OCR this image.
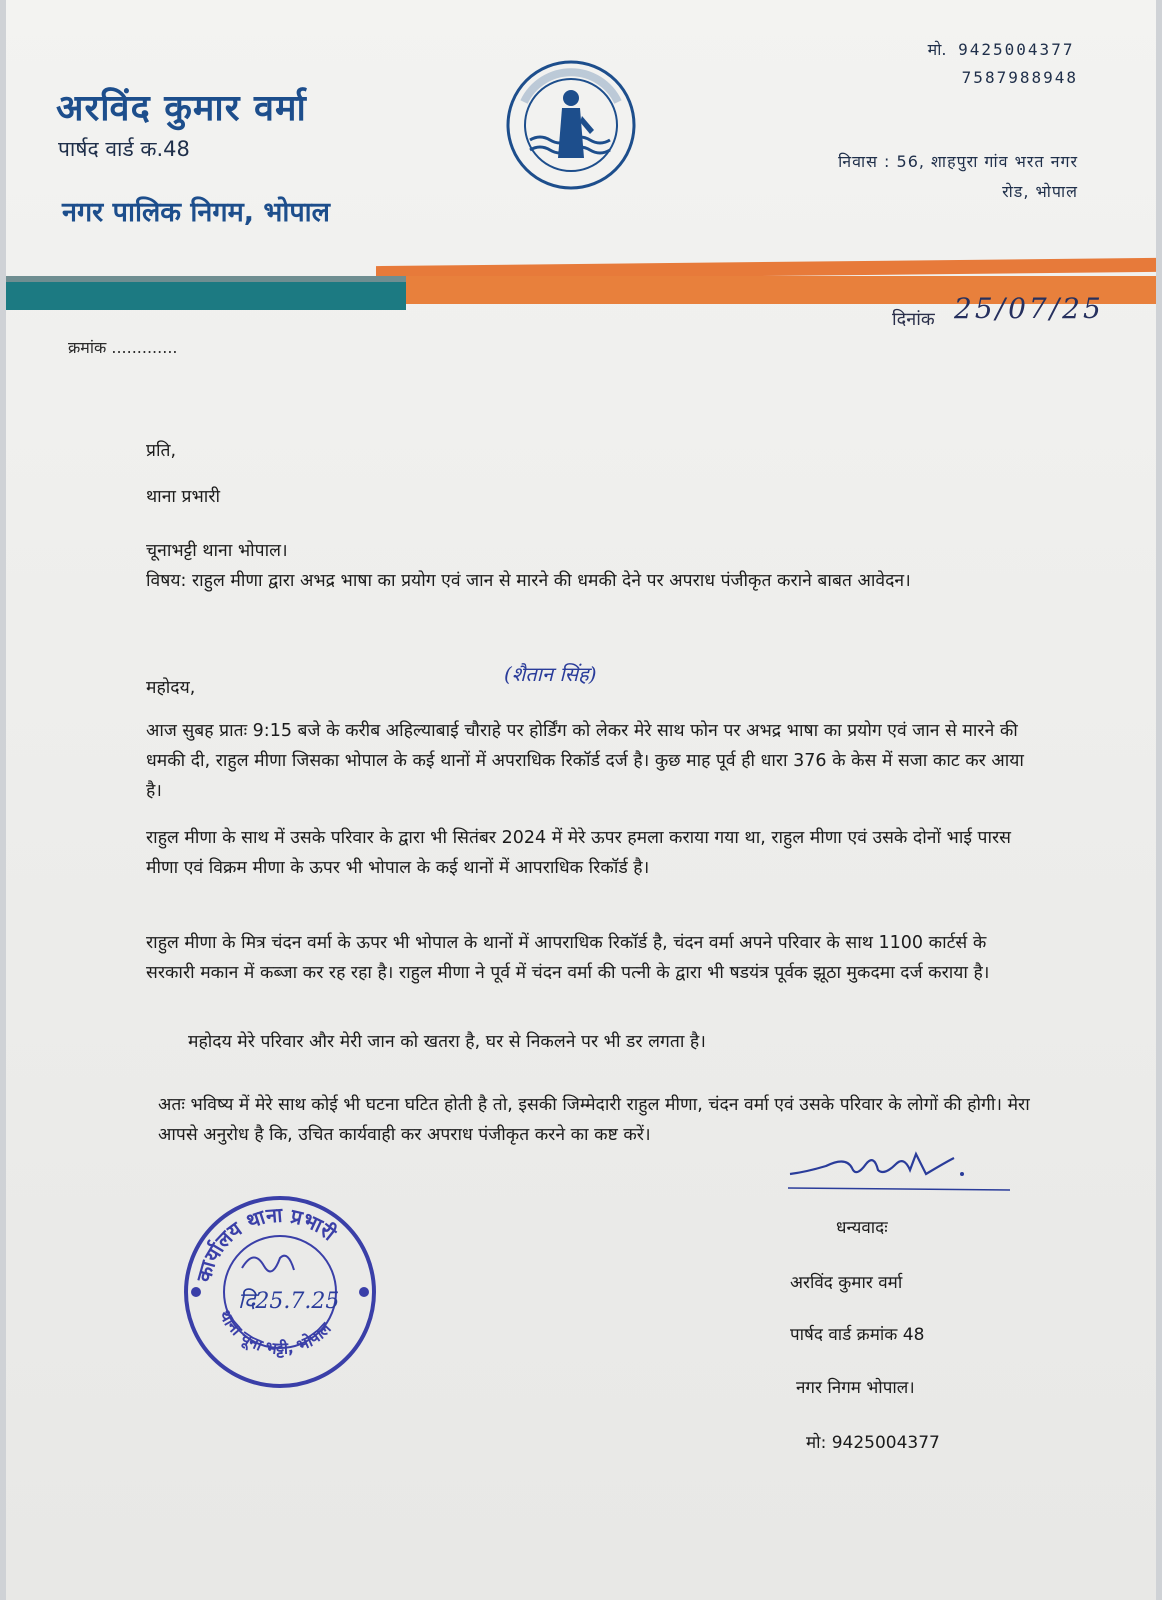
अरविंद कुमार वर्मा
पार्षद वार्ड क.48
नगर पालिक निगम, भोपाल
मो. 9425004377
7587988948
निवास : 56, शाहपुरा गांव भरत नगर
रोड, भोपाल
क्रमांक .............
दिनांक 25/07/25
प्रति,
थाना प्रभारी
चूनाभट्टी थाना भोपाल।
विषय: राहुल मीणा द्वारा अभद्र भाषा का प्रयोग एवं जान से मारने की धमकी देने पर अपराध पंजीकृत कराने बाबत आवेदन।
महोदय,
(शैतान सिंह)
आज सुबह प्रातः 9:15 बजे के करीब अहिल्याबाई चौराहे पर होर्डिंग को लेकर मेरे साथ फोन पर अभद्र भाषा का प्रयोग एवं जान से मारने की धमकी दी, राहुल मीणा जिसका भोपाल के कई थानों में अपराधिक रिकॉर्ड दर्ज है। कुछ माह पूर्व ही धारा 376 के केस में सजा काट कर आया है।
राहुल मीणा के साथ में उसके परिवार के द्वारा भी सितंबर 2024 में मेरे ऊपर हमला कराया गया था, राहुल मीणा एवं उसके दोनों भाई पारस मीणा एवं विक्रम मीणा के ऊपर भी भोपाल के कई थानों में आपराधिक रिकॉर्ड है।
राहुल मीणा के मित्र चंदन वर्मा के ऊपर भी भोपाल के थानों में आपराधिक रिकॉर्ड है, चंदन वर्मा अपने परिवार के साथ 1100 कार्टर्स के सरकारी मकान में कब्जा कर रह रहा है। राहुल मीणा ने पूर्व में चंदन वर्मा की पत्नी के द्वारा भी षडयंत्र पूर्वक झूठा मुकदमा दर्ज कराया है।
महोदय मेरे परिवार और मेरी जान को खतरा है, घर से निकलने पर भी डर लगता है।
अतः भविष्य में मेरे साथ कोई भी घटना घटित होती है तो, इसकी जिम्मेदारी राहुल मीणा, चंदन वर्मा एवं उसके परिवार के लोगों की होगी। मेरा आपसे अनुरोध है कि, उचित कार्यवाही कर अपराध पंजीकृत करने का कष्ट करें।
धन्यवादः
अरविंद कुमार वर्मा
पार्षद वार्ड क्रमांक 48
नगर निगम भोपाल।
मो: 9425004377
कार्यालय थाना प्रभारी
थाना चूना भट्टी, भोपाल
दि25.7.25
